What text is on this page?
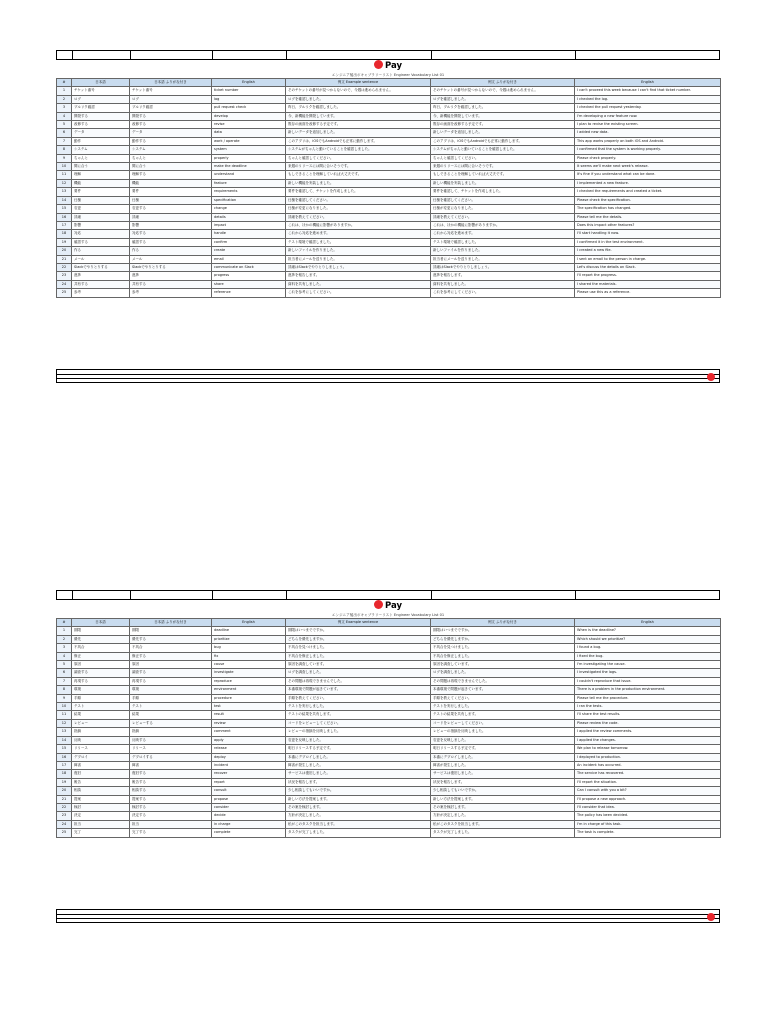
Pay
エンジニア頻出ボキャブラリーリスト Engineer Vocabulary List 01
#	日本語	日本語 ふりがな付き	English	例文 Example sentence	例文 ふりがな付き	English
1	チケット番号	チケット番号	ticket number	そのチケットの番号が見つからないので、今週は進められません。	そのチケットの番号が見つからないので、今週は進められません。	I can't proceed this week because I can't find that ticket number.
2	ログ	ログ	log	ログを確認しました。	ログを確認しました。	I checked the log.
3	プルリク確認	プルリク確認	pull request check	昨日、プルリクを確認しました。	昨日、プルリクを確認しました。	I checked the pull request yesterday.
4	開発する	開発する	develop	今、新機能を開発しています。	今、新機能を開発しています。	I'm developing a new feature now.
5	改修する	改修する	revise	既存の画面を改修する予定です。	既存の画面を改修する予定です。	I plan to revise the existing screen.
6	データ	データ	data	新しいデータを追加しました。	新しいデータを追加しました。	I added new data.
7	動作	動作する	work / operate	このアプリは、iOSでもAndroidでも正常に動作します。	このアプリは、iOSでもAndroidでも正常に動作します。	This app works properly on both iOS and Android.
8	システム	システム	system	システムがちゃんと動いていることを確認しました。	システムがちゃんと動いていることを確認しました。	I confirmed that the system is working properly.
9	ちゃんと	ちゃんと	properly	ちゃんと確認してください。	ちゃんと確認してください。	Please check properly.
10	間に合う	間に合う	make the deadline	来週のリリースには間に合いそうです。	来週のリリースには間に合いそうです。	It seems we'll make next week's release.
11	理解	理解する	understand	もしできることを理解していれば大丈夫です。	もしできることを理解していれば大丈夫です。	It's fine if you understand what can be done.
12	機能	機能	feature	新しい機能を実装しました。	新しい機能を実装しました。	I implemented a new feature.
13	要件	要件	requirements	要件を確認して、チケットを作成しました。	要件を確認して、チケットを作成しました。	I checked the requirements and created a ticket.
14	仕様	仕様	specification	仕様を確認してください。	仕様を確認してください。	Please check the specification.
15	変更	変更する	change	仕様が変更になりました。	仕様が変更になりました。	The specification has changed.
16	詳細	詳細	details	詳細を教えてください。	詳細を教えてください。	Please tell me the details.
17	影響	影響	impact	これは、ほかの機能に影響がありますか。	これは、ほかの機能に影響がありますか。	Does this impact other features?
18	対応	対応する	handle	これから対応を進めます。	これから対応を進めます。	I'll start handling it now.
19	確認する	確認する	confirm	テスト環境で確認しました。	テスト環境で確認しました。	I confirmed it in the test environment.
20	作る	作る	create	新しいファイルを作りました。	新しいファイルを作りました。	I created a new file.
21	メール	メール	email	担当者にメールを送りました。	担当者にメールを送りました。	I sent an email to the person in charge.
22	Slackでやりとりする	Slackでやりとりする	communicate on Slack	詳細はSlackでやりとりしましょう。	詳細はSlackでやりとりしましょう。	Let's discuss the details on Slack.
23	進捗	進捗	progress	進捗を報告します。	進捗を報告します。	I'll report the progress.
24	共有する	共有する	share	資料を共有しました。	資料を共有しました。	I shared the materials.
25	参考	参考	reference	これを参考にしてください。	これを参考にしてください。	Please use this as a reference.
Pay
エンジニア頻出ボキャブラリーリスト Engineer Vocabulary List 01
#	日本語	日本語 ふりがな付き	English	例文 Example sentence	例文 ふりがな付き	English
1	期限	期限	deadline	期限はいつまでですか。	期限はいつまでですか。	When is the deadline?
2	優先	優先する	prioritize	どちらを優先しますか。	どちらを優先しますか。	Which should we prioritize?
3	不具合	不具合	bug	不具合を見つけました。	不具合を見つけました。	I found a bug.
4	修正	修正する	fix	不具合を修正しました。	不具合を修正しました。	I fixed the bug.
5	原因	原因	cause	原因を調査しています。	原因を調査しています。	I'm investigating the cause.
6	調査する	調査する	investigate	ログを調査しました。	ログを調査しました。	I investigated the logs.
7	再現する	再現する	reproduce	その問題は再現できませんでした。	その問題は再現できませんでした。	I couldn't reproduce that issue.
8	環境	環境	environment	本番環境で問題が起きています。	本番環境で問題が起きています。	There is a problem in the production environment.
9	手順	手順	procedure	手順を教えてください。	手順を教えてください。	Please tell me the procedure.
10	テスト	テスト	test	テストを実行しました。	テストを実行しました。	I ran the tests.
11	結果	結果	result	テストの結果を共有します。	テストの結果を共有します。	I'll share the test results.
12	レビュー	レビューする	review	コードをレビューしてください。	コードをレビューしてください。	Please review the code.
13	指摘	指摘	comment	レビューの指摘を反映しました。	レビューの指摘を反映しました。	I applied the review comments.
14	反映	反映する	apply	変更を反映しました。	変更を反映しました。	I applied the changes.
15	リリース	リリース	release	明日リリースする予定です。	明日リリースする予定です。	We plan to release tomorrow.
16	デプロイ	デプロイする	deploy	本番にデプロイしました。	本番にデプロイしました。	I deployed to production.
17	障害	障害	incident	障害が発生しました。	障害が発生しました。	An incident has occurred.
18	復旧	復旧する	recover	サービスは復旧しました。	サービスは復旧しました。	The service has recovered.
19	報告	報告する	report	状況を報告します。	状況を報告します。	I'll report the situation.
20	相談	相談する	consult	少し相談してもいいですか。	少し相談してもいいですか。	Can I consult with you a bit?
21	提案	提案する	propose	新しい方法を提案します。	新しい方法を提案します。	I'll propose a new approach.
22	検討	検討する	consider	その案を検討します。	その案を検討します。	I'll consider that idea.
23	決定	決定する	decide	方針が決定しました。	方針が決定しました。	The policy has been decided.
24	担当	担当	in charge	私がこのタスクを担当します。	私がこのタスクを担当します。	I'm in charge of this task.
25	完了	完了する	complete	タスクが完了しました。	タスクが完了しました。	The task is complete.
